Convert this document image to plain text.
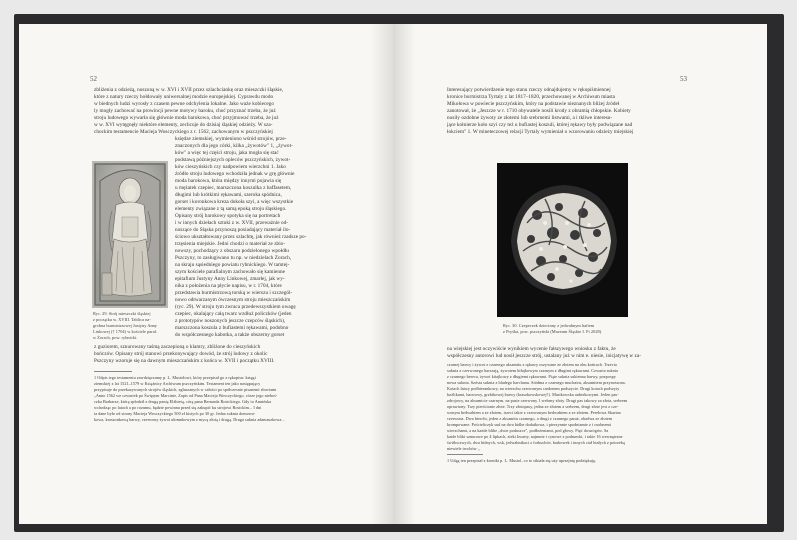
52
zbliżenia z odzieżą, noszoną w w. XVI i XVII przez szlachciankę oraz mieszczki śląskie,
które z natury rzeczy hołdowały uniwersalnej modzie europejskiej. Cyprawdu modo
w biednych ludzi wyrosły z czasem pewne odchylenia lokalne. Jako waże kobiecego
ly mogły zachować na prowincji pewne motywy baroku, choć przyznać trzeba, że już
stroju ludowego wywarła się głównie moda barokowa, choć przyjmować trzeba, że już
w w. XVI wytęgnęły niektóre elementy, zechcuje do dzisiaj śląskiej odzieży. W sza-
chockim testamencie Macieja Wosczyckiego z r. 1562, zachowanym w pszczyńskiej
Ryc. 29. Strój mieszczki śląskiej
z początku w. XVIII. Tablica na-
grobna burmistrzowej Justyny Anny
Linkowej († 1704) w kościele paraf.
w Żorach, pow. rybnicki.
księdze ziemskiej, wymieniono wśród strojów, prze-
znaczonych dla jego córki, kilka „żywotów" 1, „żywot-
ków" a więc tej części stroju, jaka mogła się stać
podstawą późniejszych opleców pszczyńskich, żywot-
ków cieszyńskich czy nadpowiem wierzchni 1. Jako
źródło stroju ludowego wchodziła jednak w grę głównie
moda barokowa, która między innymi pojawia się
u mężatek czepiec, marszczona koszulka z baffasetem,
długimi lub krótkimi rękawami, szeroka spódnica,
gorset i koronkowa kreza dokoła szyi, a więc wszystkie
elementy związane z tą samą epoką stroju śląskiego.
Opisany strój barokowy spotyka się na portretach
i w innych dziełach sztuki z w. XVII, przeważnie od-
noszące do Śląska przynoszą posiadający materiał ilo-
ściowo ukształtowany przez szlachtę, jak również rzadsze po-
trzęsienia miejskie. Jedni chodzi o materiał ze zbio-
nowszy, pochodzący z obszaru podzielonego wpołdłu
Pszczyny, to zasługiwano tu np. w niedzielach Żorach,
na skraju sąsiedniego powiatu rybnickiego. W tamtej-
szym kościele parafialnym zachowało się kamienne
epitafium Justyny Anny Linkowej, zmarłej, jak wy-
nika z położenia na płycie napisu, w r. 1704, które
przedstawia burmistrzową torską w wierszu i szczegól-
nowo odtwarzanym ówczesnym stroju mieszczańskim
(ryc. 29). W stroju tym zwraca przedewszystkiem uwagę
czepiec, okalający całą twarz wzdłuż policzków (jeden
z prototypów noszonych jeszcze czepców śląskich),
marszczona koszula z bufiastemi rękawami, podobno
do współczesnego kabotka, a także obszerny gorset
z guziorem, sznurowany taśmą zaczepioną o klamry, zbliżone do cieszyńskich
bończów. Opisany strój stanowi przekonywujący dowód, że strój ludowy z okolic
Pszczyny wzoruje się na dawnym mieszczańskim z końca w. XVII i początku XVIII.
1 Odpis tego testamentu zawdzięczamy p. L. Musiołowi, który przepisał go z rękopisu: księgi
ziemskiej z lat 1521–1579 w Książnicy Archiwum pszczyńskim. Testament ten jako następujący
przypisuje do przekazywanych strojów śląskich, zgłaszanych w całości po spółczesnie pisanemi słowiami
„Anno 1562 we czwartek po Świętym Marcinie, Zapis od Pana Macieja Wosczyckiego, córze jego nieboś-
czka Barbarze, którą spłodził z drugą panią Elżbietą, córą pana Bernarda Rosickiego. Gdy to Annińska
wchodząc po latach a po rozumu, będzie powinna przed się zakupić ku strojowi Rosickim... I dni
ta dane było od strony Macieja Wosczyckiego 500 zł kistych po 30 gr. Jedna suknia domowa-
kowa, kraszonkową barwy, czerwony żywot ułomnkowym z mycą złotą i drugą. Druga suknia adamaszkowa...
53
Interesujący potwierdzenie tego stanu rzeczy odnajdujemy w rękopiśmiennej
kronice burmistrza Tyrtaly z lat 1817–1820, przechowanej w Archiwum miasta
Mikołowa w powiecie pszczyńskim, który na podstawie nieznanych bliżej źródeł
zanotował, że „Jeszcze w r. 1710 obywatele nosili krody z obramią chłopskie. Kobiety
nosiły ozdobne żywoty ze złotemi lub srebrnemi listwami, a i tkliwe interesu-
jące kołnierze koło szyi czy też u bufiastej koszuli, której rękawy były podwiązane nad
łokciem" 1. W mineteczowej relacji Tyrtaly wymieniał o wzorowaniu odzieży miejskiej
Ryc. 30. Czepeczek dziecinny z jedwabnym haftem
z Pryśka, pow. pszczyński (Muzeum Śląskie I. Fi 2028).
na wiejskiej jest oczywiście wynikiem wycenie fałszywego wniosku z faktu, że
współczesny autorowi lud nosił jeszcze strój, ustalany już w nim e. niesie, inicjatywę w za-
czarnej barwy i żywot z czarnego aksamitu z rękawy oszywane ze złotem na obu końcach. Trzecia
suknia z czerwonego barszają, żywotem biłajkowym czarnym z długimi rękawami. Czwarta suknia
z czarnego bereca, żywot kitajkowy z długiemi rękawami. Piąte suknia sukienna barwy, pozpospy
nowa suknia. Szósta suknia z bladego barchanu. Siódma z czarnego muchairu, aksamitem przynoszona.
Kotach łatwy podbierankowy, na wierzchu czerwonym cardonem podszycie. Drugi kotach podszyty
kożlikami, barwowy, grzbikowej barwy (kraszkowskowej?). Mastkowska auberkowymi. Jeden pas-
zdrojowy, na aksamicie czarnym, na pasie czerwony 1 srebrny złoty. Drugi pas takowy za złota, srebrem
oprawiony. Trzy pierścionie złote. Trzy złotopasy, jedna ze złotem a srebrem, drugi złote jest z cze-
wonym bedwabiem a ze złotem, trzeci takie z czerwonym bedwabiem a ze złotem. Perełowa Skarina
czerwona. Dwa bierchi, jeden z aksamitu czarnego, a drugi z czarnego paraż, obadwa ze złotem
krompowane. Pościeliczyk sud na dwa bidhe dodatkowa, i pierzynnie spodniamie z i osobnemi
wierzchami, a na każde blthe „dwie poduszce", podłożeniami, pod głowy. Pięć dwurógów. Sa
kaide bliki sznurowe po 4 lipkach, zieki kwarty, najmnie i cynowe z podnawki, i takie 16 wewnętrzne
świtłoczwych, dwa bidnych, wsk, jedwabnikaci z forkuchóv, barkowek i innych ciał białych z potrzebą
niewiele trochów „
1 Udąg ten przepisał z kroniki p. L. Musiol, co to sikiała się uży uprzejnię podziękuję.
